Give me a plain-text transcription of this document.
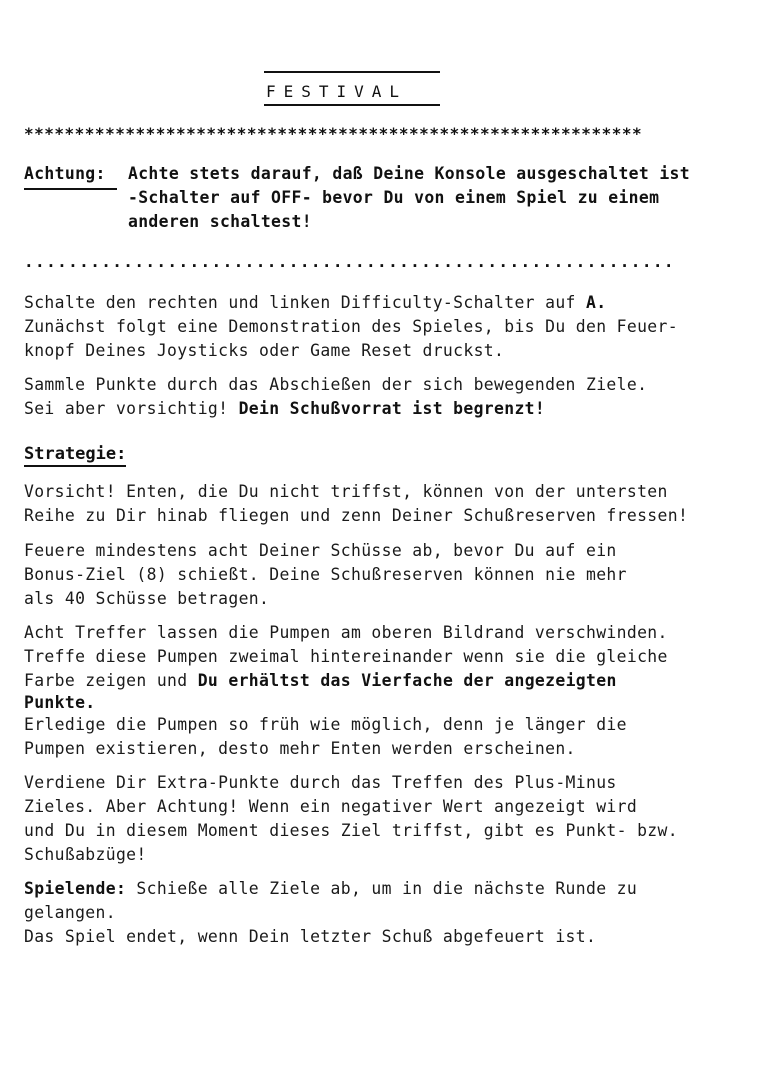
FESTIVAL
*************************************************************
Achtung: Achte stets darauf, daß Deine Konsole ausgeschaltet ist
-Schalter auf OFF- bevor Du von einem Spiel zu einem
anderen schaltest!
...........................................................
Schalte den rechten und linken Difficulty-Schalter auf A.
Zunächst folgt eine Demonstration des Spieles, bis Du den Feuer-
knopf Deines Joysticks oder Game Reset druckst.
Sammle Punkte durch das Abschießen der sich bewegenden Ziele.
Sei aber vorsichtig! Dein Schußvorrat ist begrenzt!
Strategie:
Vorsicht! Enten, die Du nicht triffst, können von der untersten
Reihe zu Dir hinab fliegen und zenn Deiner Schußreserven fressen!
Feuere mindestens acht Deiner Schüsse ab, bevor Du auf ein
Bonus-Ziel (8) schießt. Deine Schußreserven können nie mehr
als 40 Schüsse betragen.
Acht Treffer lassen die Pumpen am oberen Bildrand verschwinden.
Treffe diese Pumpen zweimal hintereinander wenn sie die gleiche
Farbe zeigen und Du erhältst das Vierfache der angezeigten
Punkte.
Erledige die Pumpen so früh wie möglich, denn je länger die
Pumpen existieren, desto mehr Enten werden erscheinen.
Verdiene Dir Extra-Punkte durch das Treffen des Plus-Minus
Zieles. Aber Achtung! Wenn ein negativer Wert angezeigt wird
und Du in diesem Moment dieses Ziel triffst, gibt es Punkt- bzw.
Schußabzüge!
Spielende: Schieße alle Ziele ab, um in die nächste Runde zu
gelangen.
Das Spiel endet, wenn Dein letzter Schuß abgefeuert ist.
